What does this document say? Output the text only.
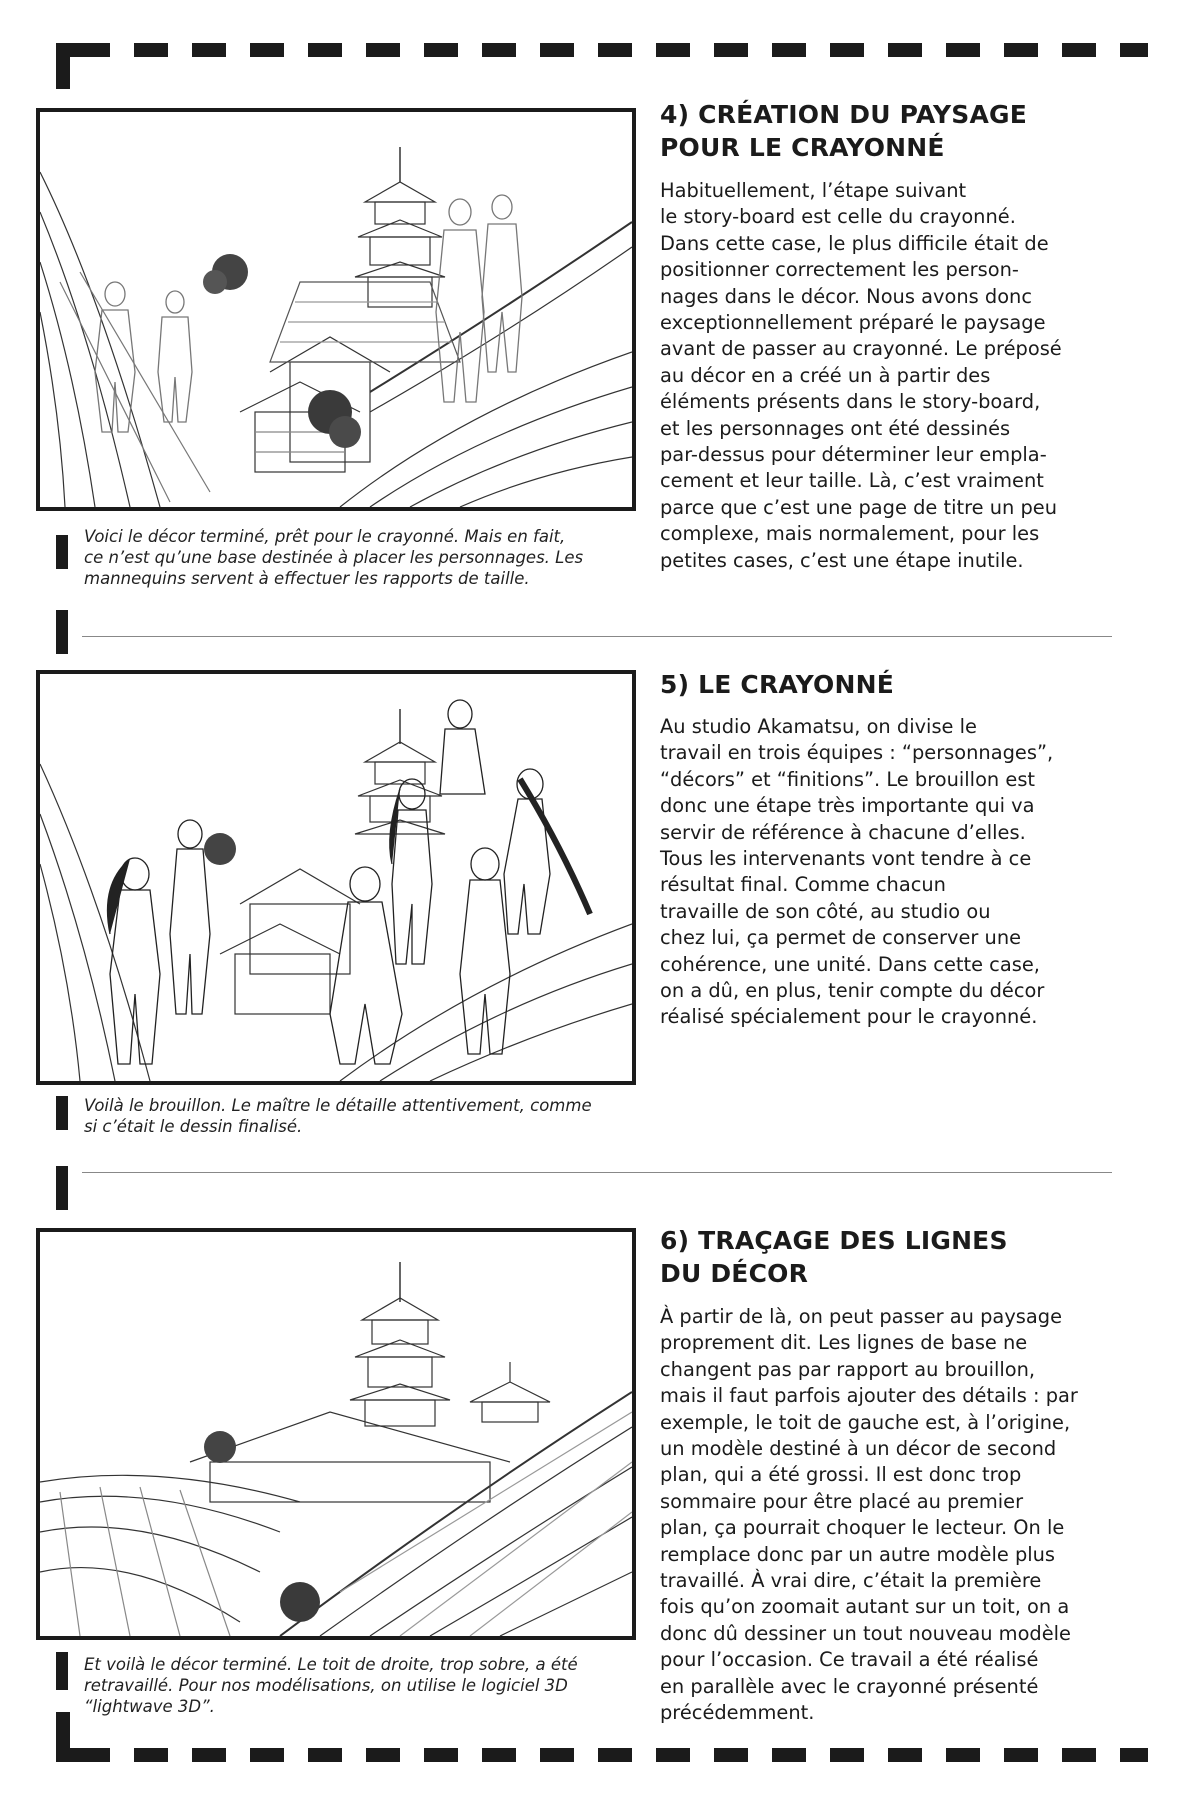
Voici le décor terminé, prêt pour le crayonné. Mais en fait,
ce n’est qu’une base destinée à placer les personnages. Les
mannequins servent à effectuer les rapports de taille.
4) CRÉATION DU PAYSAGE
POUR LE CRAYONNÉ
Habituellement, l’étape suivant
le story-board est celle du crayonné.
Dans cette case, le plus difficile était de
positionner correctement les person-
nages dans le décor. Nous avons donc
exceptionnellement préparé le paysage
avant de passer au crayonné. Le préposé
au décor en a créé un à partir des
éléments présents dans le story-board,
et les personnages ont été dessinés
par-dessus pour déterminer leur empla-
cement et leur taille. Là, c’est vraiment
parce que c’est une page de titre un peu
complexe, mais normalement, pour les
petites cases, c’est une étape inutile.
Voilà le brouillon. Le maître le détaille attentivement, comme
si c’était le dessin finalisé.
5) LE CRAYONNÉ
Au studio Akamatsu, on divise le
travail en trois équipes : “personnages”,
“décors” et “finitions”. Le brouillon est
donc une étape très importante qui va
servir de référence à chacune d’elles.
Tous les intervenants vont tendre à ce
résultat final. Comme chacun
travaille de son côté, au studio ou
chez lui, ça permet de conserver une
cohérence, une unité. Dans cette case,
on a dû, en plus, tenir compte du décor
réalisé spécialement pour le crayonné.
Et voilà le décor terminé. Le toit de droite, trop sobre, a été
retravaillé. Pour nos modélisations, on utilise le logiciel 3D
“lightwave 3D”.
6) TRAÇAGE DES LIGNES
DU DÉCOR
À partir de là, on peut passer au paysage
proprement dit. Les lignes de base ne
changent pas par rapport au brouillon,
mais il faut parfois ajouter des détails : par
exemple, le toit de gauche est, à l’origine,
un modèle destiné à un décor de second
plan, qui a été grossi. Il est donc trop
sommaire pour être placé au premier
plan, ça pourrait choquer le lecteur. On le
remplace donc par un autre modèle plus
travaillé. À vrai dire, c’était la première
fois qu’on zoomait autant sur un toit, on a
donc dû dessiner un tout nouveau modèle
pour l’occasion. Ce travail a été réalisé
en parallèle avec le crayonné présenté
précédemment.
